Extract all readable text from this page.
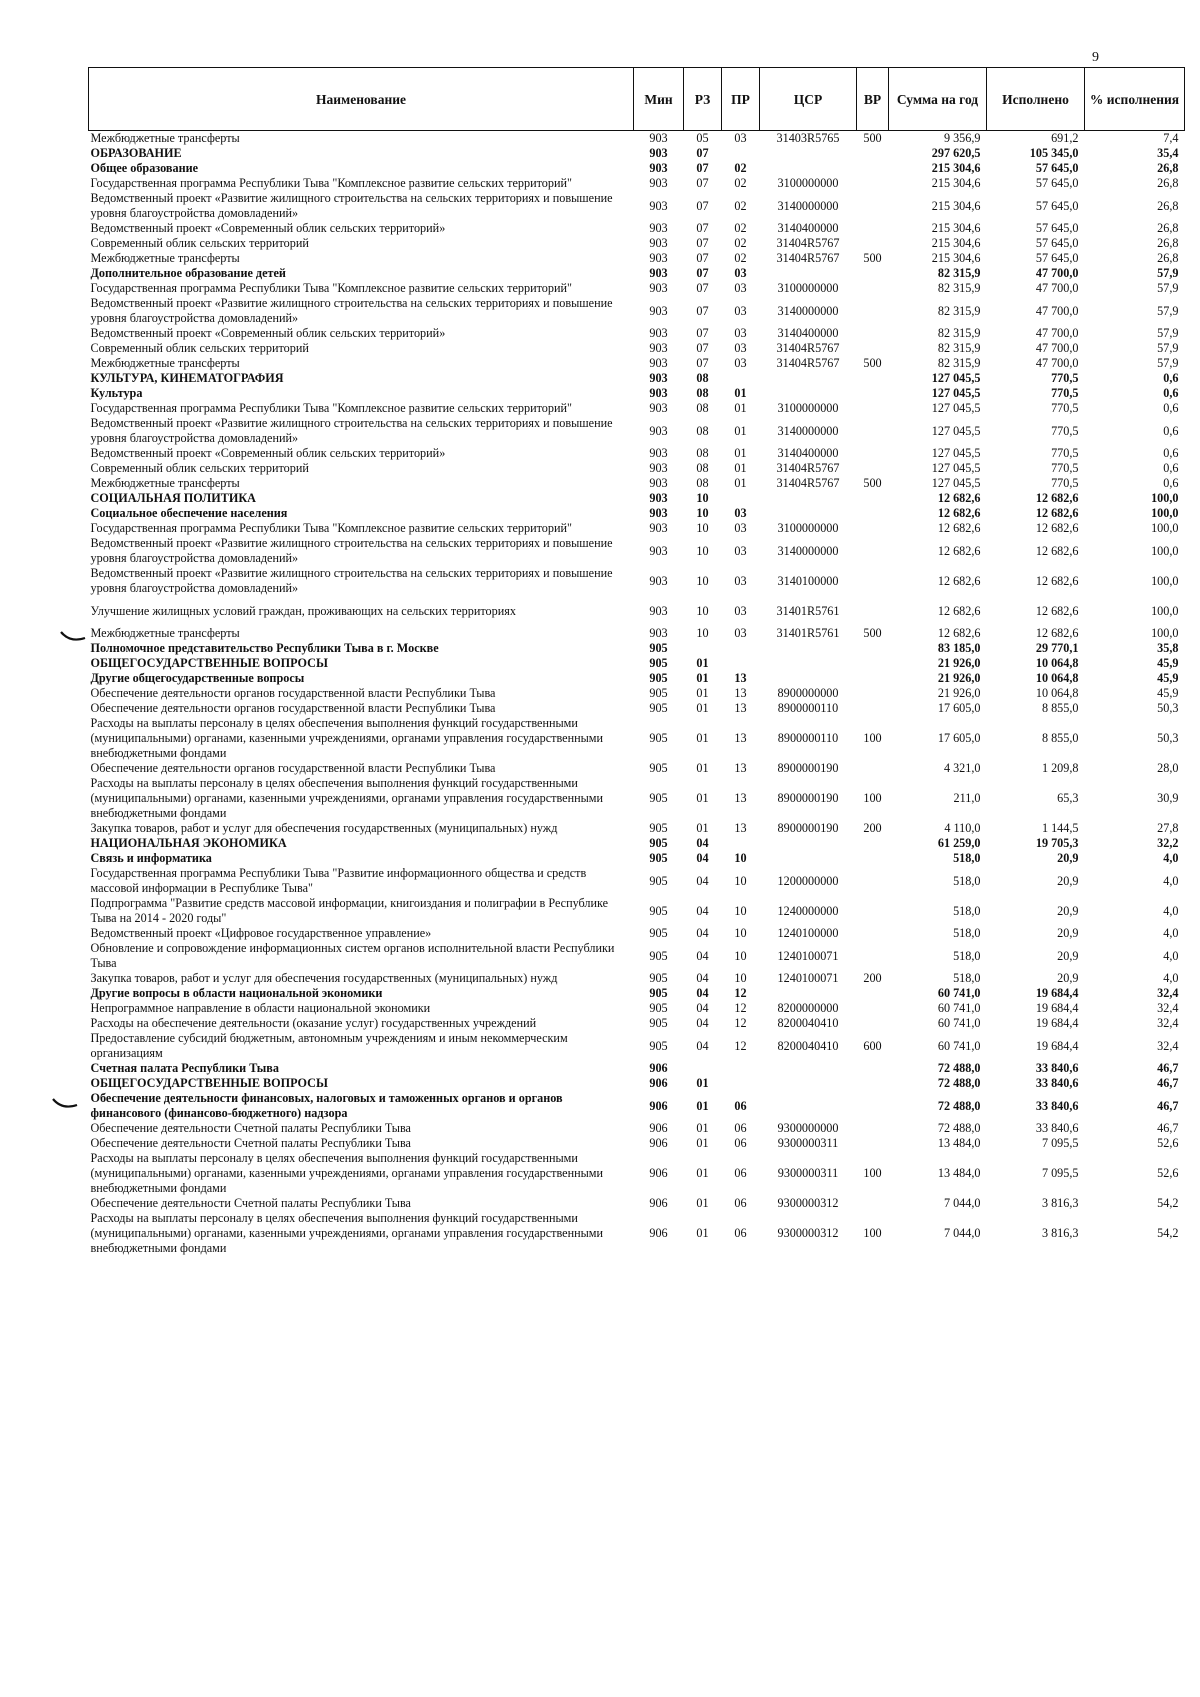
9
Наименование	Мин	РЗ	ПР	ЦСР	ВР	Сумма на год	Исполнено	% исполнения
Межбюджетные трансферты	903	05	03	31403R5765	500	9 356,9	691,2	7,4
ОБРАЗОВАНИЕ	903	07				297 620,5	105 345,0	35,4
Общее образование	903	07	02			215 304,6	57 645,0	26,8
Государственная программа Республики Тыва "Комплексное развитие сельских территорий"	903	07	02	3100000000		215 304,6	57 645,0	26,8
Ведомственный проект «Развитие жилищного строительства на сельских территориях и повышение уровня благоустройства домовладений»	903	07	02	3140000000		215 304,6	57 645,0	26,8
Ведомственный проект «Современный облик сельских территорий»	903	07	02	3140400000		215 304,6	57 645,0	26,8
Современный облик сельских территорий	903	07	02	31404R5767		215 304,6	57 645,0	26,8
Межбюджетные трансферты	903	07	02	31404R5767	500	215 304,6	57 645,0	26,8
Дополнительное образование детей	903	07	03			82 315,9	47 700,0	57,9
Государственная программа Республики Тыва "Комплексное развитие сельских территорий"	903	07	03	3100000000		82 315,9	47 700,0	57,9
Ведомственный проект «Развитие жилищного строительства на сельских территориях и повышение уровня благоустройства домовладений»	903	07	03	3140000000		82 315,9	47 700,0	57,9
Ведомственный проект «Современный облик сельских территорий»	903	07	03	3140400000		82 315,9	47 700,0	57,9
Современный облик сельских территорий	903	07	03	31404R5767		82 315,9	47 700,0	57,9
Межбюджетные трансферты	903	07	03	31404R5767	500	82 315,9	47 700,0	57,9
КУЛЬТУРА, КИНЕМАТОГРАФИЯ	903	08				127 045,5	770,5	0,6
Культура	903	08	01			127 045,5	770,5	0,6
Государственная программа Республики Тыва "Комплексное развитие сельских территорий"	903	08	01	3100000000		127 045,5	770,5	0,6
Ведомственный проект «Развитие жилищного строительства на сельских территориях и повышение уровня благоустройства домовладений»	903	08	01	3140000000		127 045,5	770,5	0,6
Ведомственный проект «Современный облик сельских территорий»	903	08	01	3140400000		127 045,5	770,5	0,6
Современный облик сельских территорий	903	08	01	31404R5767		127 045,5	770,5	0,6
Межбюджетные трансферты	903	08	01	31404R5767	500	127 045,5	770,5	0,6
СОЦИАЛЬНАЯ ПОЛИТИКА	903	10				12 682,6	12 682,6	100,0
Социальное обеспечение населения	903	10	03			12 682,6	12 682,6	100,0
Государственная программа Республики Тыва "Комплексное развитие сельских территорий"	903	10	03	3100000000		12 682,6	12 682,6	100,0
Ведомственный проект «Развитие жилищного строительства на сельских территориях и повышение уровня благоустройства домовладений»	903	10	03	3140000000		12 682,6	12 682,6	100,0
Ведомственный проект «Развитие жилищного строительства на сельских территориях и повышение уровня благоустройства домовладений»	903	10	03	3140100000		12 682,6	12 682,6	100,0
Улучшение жилищных условий граждан, проживающих на сельских территориях	903	10	03	31401R5761		12 682,6	12 682,6	100,0
Межбюджетные трансферты	903	10	03	31401R5761	500	12 682,6	12 682,6	100,0
Полномочное представительство Республики Тыва в г. Москве	905					83 185,0	29 770,1	35,8
ОБЩЕГОСУДАРСТВЕННЫЕ ВОПРОСЫ	905	01				21 926,0	10 064,8	45,9
Другие общегосударственные вопросы	905	01	13			21 926,0	10 064,8	45,9
Обеспечение деятельности органов государственной власти Республики Тыва	905	01	13	8900000000		21 926,0	10 064,8	45,9
Обеспечение деятельности органов государственной власти Республики Тыва	905	01	13	8900000110		17 605,0	8 855,0	50,3
Расходы на выплаты персоналу в целях обеспечения выполнения функций государственными (муниципальными) органами, казенными учреждениями, органами управления государственными внебюджетными фондами	905	01	13	8900000110	100	17 605,0	8 855,0	50,3
Обеспечение деятельности органов государственной власти Республики Тыва	905	01	13	8900000190		4 321,0	1 209,8	28,0
Расходы на выплаты персоналу в целях обеспечения выполнения функций государственными (муниципальными) органами, казенными учреждениями, органами управления государственными внебюджетными фондами	905	01	13	8900000190	100	211,0	65,3	30,9
Закупка товаров, работ и услуг для обеспечения государственных (муниципальных) нужд	905	01	13	8900000190	200	4 110,0	1 144,5	27,8
НАЦИОНАЛЬНАЯ ЭКОНОМИКА	905	04				61 259,0	19 705,3	32,2
Связь и информатика	905	04	10			518,0	20,9	4,0
Государственная программа Республики Тыва "Развитие информационного общества и средств массовой информации в Республике Тыва"	905	04	10	1200000000		518,0	20,9	4,0
Подпрограмма "Развитие средств массовой информации, книгоиздания и полиграфии в Республике Тыва на 2014 - 2020 годы"	905	04	10	1240000000		518,0	20,9	4,0
Ведомственный проект «Цифровое государственное управление»	905	04	10	1240100000		518,0	20,9	4,0
Обновление и сопровождение информационных систем органов исполнительной власти Республики Тыва	905	04	10	1240100071		518,0	20,9	4,0
Закупка товаров, работ и услуг для обеспечения государственных (муниципальных) нужд	905	04	10	1240100071	200	518,0	20,9	4,0
Другие вопросы в области национальной экономики	905	04	12			60 741,0	19 684,4	32,4
Непрограммное направление в области национальной экономики	905	04	12	8200000000		60 741,0	19 684,4	32,4
Расходы на обеспечение деятельности (оказание услуг) государственных учреждений	905	04	12	8200040410		60 741,0	19 684,4	32,4
Предоставление субсидий бюджетным, автономным учреждениям и иным некоммерческим организациям	905	04	12	8200040410	600	60 741,0	19 684,4	32,4
Счетная палата Республики Тыва	906					72 488,0	33 840,6	46,7
ОБЩЕГОСУДАРСТВЕННЫЕ ВОПРОСЫ	906	01				72 488,0	33 840,6	46,7
Обеспечение деятельности финансовых, налоговых и таможенных органов и органов финансового (финансово-бюджетного) надзора	906	01	06			72 488,0	33 840,6	46,7
Обеспечение деятельности Счетной палаты Республики Тыва	906	01	06	9300000000		72 488,0	33 840,6	46,7
Обеспечение деятельности Счетной палаты Республики Тыва	906	01	06	9300000311		13 484,0	7 095,5	52,6
Расходы на выплаты персоналу в целях обеспечения выполнения функций государственными (муниципальными) органами, казенными учреждениями, органами управления государственными внебюджетными фондами	906	01	06	9300000311	100	13 484,0	7 095,5	52,6
Обеспечение деятельности Счетной палаты Республики Тыва	906	01	06	9300000312		7 044,0	3 816,3	54,2
Расходы на выплаты персоналу в целях обеспечения выполнения функций государственными (муниципальными) органами, казенными учреждениями, органами управления государственными внебюджетными фондами	906	01	06	9300000312	100	7 044,0	3 816,3	54,2
